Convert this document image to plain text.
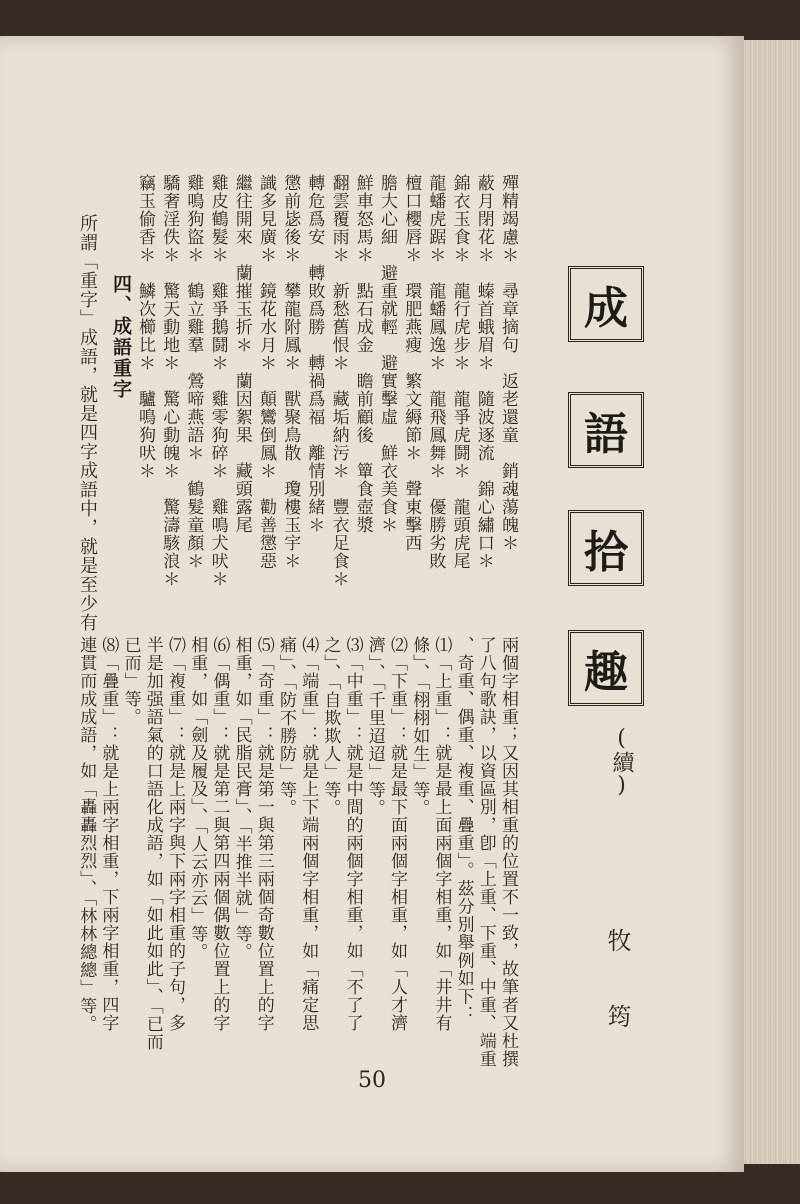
成
語
拾
趣
(續)
牧 筠
殫精竭慮＊　尋章摘句　返老還童　銷魂蕩魄＊
蔽月閉花＊　螓首蛾眉＊　隨波逐流　錦心繡口＊
錦衣玉食＊　龍行虎步＊　龍爭虎鬪＊　龍頭虎尾
龍蟠虎踞＊　龍蟠鳳逸＊　龍飛鳳舞＊　優勝劣敗
檀口櫻唇＊　環肥燕瘦　繁文縟節＊　聲東擊西
膽大心細　避重就輕　避實擊虛　鮮衣美食＊
鮮車怒馬＊　點石成金　瞻前顧後　簞食壺漿
翻雲覆雨＊　新愁舊恨＊　藏垢納污＊　豐衣足食＊
轉危爲安　轉敗爲勝　轉禍爲福　離情別緒＊
懲前毖後＊　攀龍附鳳＊　獸聚鳥散　瓊樓玉宇＊
識多見廣＊　鏡花水月＊　顛鸞倒鳳＊　勸善懲惡
繼往開來　蘭摧玉折＊　蘭因絮果　藏頭露尾
雞皮鶴髮＊　雞爭鵝鬪＊　雞零狗碎＊　雞鳴犬吠＊
雞鳴狗盜＊　鶴立雞羣　鶯啼燕語＊　鶴髮童顏＊
驕奢淫佚＊　驚天動地＊　驚心動魄＊　驚濤駭浪＊
竊玉偷香＊　鱗次櫛比＊　驢鳴狗吠＊
四、成語重字
所謂「重字」成語，就是四字成語中，就是至少有
兩個字相重；又因其相重的位置不一致，故筆者又杜撰
了八句歌訣，以資區別，卽「上重、下重、中重、端重
、奇重、偶重、複重、疊重」。茲分別舉例如下：
⑴「上重」：就是最上面兩個字相重，如「井井有
條」、「栩栩如生」等。
⑵「下重」：就是最下面兩個字相重，如「人才濟
濟」、「千里迢迢」等。
⑶「中重」：就是中間的兩個字相重，如「不了了
之」、「自欺欺人」等。
⑷「端重」：就是上下端兩個字相重，如「痛定思
痛」、「防不勝防」等。
⑸「奇重」：就是第一與第三兩個奇數位置上的字
相重，如「民脂民膏」、「半推半就」等。
⑹「偶重」：就是第二與第四兩個偶數位置上的字
相重，如「劍及履及」、「人云亦云」等。
⑺「複重」：就是上兩字與下兩字相重的子句，多
半是加强語氣的口語化成語，如「如此如此」、「已而
已而」等。
⑻「疊重」：就是上兩字相重，下兩字相重，四字
連貫而成成語，如「轟轟烈烈」、「林林總總」等。
50
